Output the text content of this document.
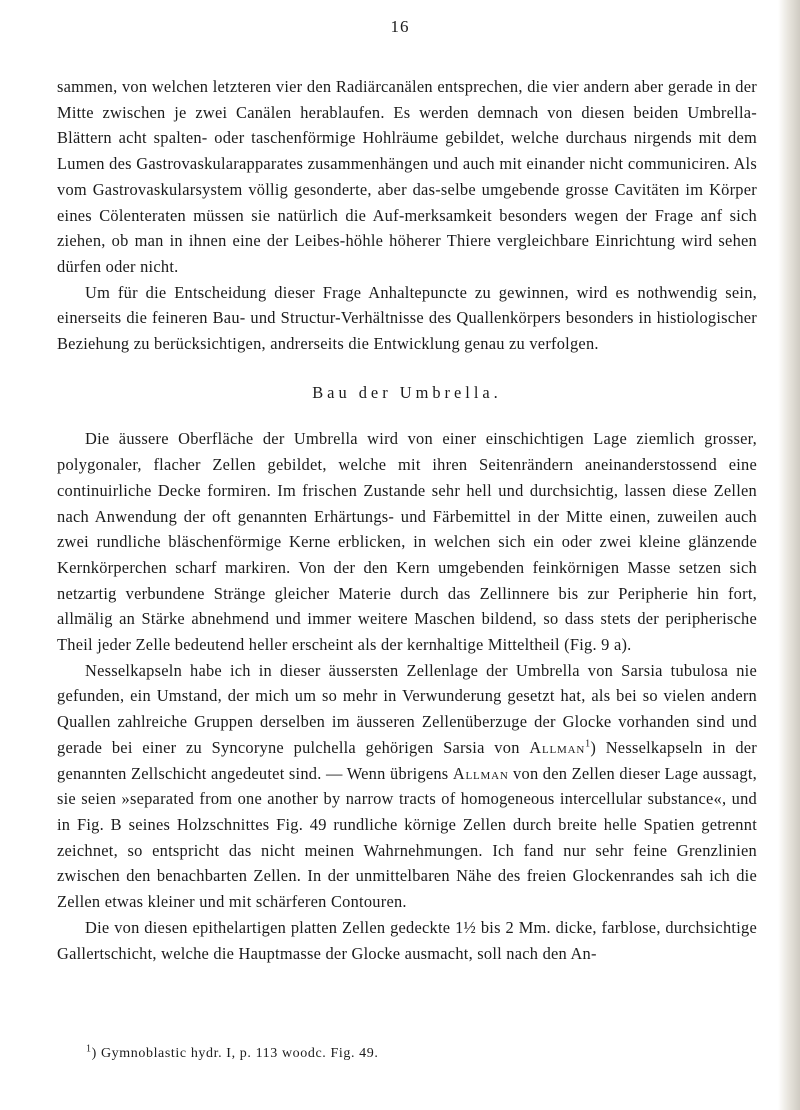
16

sammen, von welchen letzteren vier den Radiärcanälen entsprechen, die vier andern aber gerade in der Mitte zwischen je zwei Canälen herablaufen. Es werden demnach von diesen beiden Umbrella-Blättern acht spalten- oder taschenförmige Hohlräume gebildet, welche durchaus nirgends mit dem Lumen des Gastrovaskularapparates zusammenhängen und auch mit einander nicht communiciren. Als vom Gastrovaskularsystem völlig gesonderte, aber das-selbe umgebende grosse Cavitäten im Körper eines Cölenteraten müssen sie natürlich die Auf-merksamkeit besonders wegen der Frage anf sich ziehen, ob man in ihnen eine der Leibes-höhle höherer Thiere vergleichbare Einrichtung wird sehen dürfen oder nicht.

Um für die Entscheidung dieser Frage Anhaltepuncte zu gewinnen, wird es nothwendig sein, einerseits die feineren Bau- und Structur-Verhältnisse des Quallenkörpers besonders in histiologischer Beziehung zu berücksichtigen, andrerseits die Entwicklung genau zu verfolgen.

Bau der Umbrella.

Die äussere Oberfläche der Umbrella wird von einer einschichtigen Lage ziemlich grosser, polygonaler, flacher Zellen gebildet, welche mit ihren Seitenrändern aneinanderstossend eine continuirliche Decke formiren. Im frischen Zustande sehr hell und durchsichtig, lassen diese Zellen nach Anwendung der oft genannten Erhärtungs- und Färbemittel in der Mitte einen, zuweilen auch zwei rundliche bläschenförmige Kerne erblicken, in welchen sich ein oder zwei kleine glänzende Kernkörperchen scharf markiren. Von der den Kern umgebenden feinkörnigen Masse setzen sich netzartig verbundene Stränge gleicher Materie durch das Zellinnere bis zur Peripherie hin fort, allmälig an Stärke abnehmend und immer weitere Maschen bildend, so dass stets der peripherische Theil jeder Zelle bedeutend heller erscheint als der kernhaltige Mitteltheil (Fig. 9 a).

Nesselkapseln habe ich in dieser äussersten Zellenlage der Umbrella von Sarsia tubulosa nie gefunden, ein Umstand, der mich um so mehr in Verwunderung gesetzt hat, als bei so vielen andern Quallen zahlreiche Gruppen derselben im äusseren Zellenüberzuge der Glocke vorhanden sind und gerade bei einer zu Syncoryne pulchella gehörigen Sarsia von Allman$^1$) Nesselkapseln in der genannten Zellschicht angedeutet sind. — Wenn übrigens Allman von den Zellen dieser Lage aussagt, sie seien »separated from one another by narrow tracts of homogeneous intercellular substance«, und in Fig. B seines Holzschnittes Fig. 49 rundliche körnige Zellen durch breite helle Spatien getrennt zeichnet, so entspricht das nicht meinen Wahrnehmungen. Ich fand nur sehr feine Grenzlinien zwischen den benachbarten Zellen. In der unmittelbaren Nähe des freien Glockenrandes sah ich die Zellen etwas kleiner und mit schärferen Contouren.

Die von diesen epithelartigen platten Zellen gedeckte 1½ bis 2 Mm. dicke, farblose, durchsichtige Gallertschicht, welche die Hauptmasse der Glocke ausmacht, soll nach den An-

$^1$) Gymnoblastic hydr. I, p. 113 woodc. Fig. 49.
